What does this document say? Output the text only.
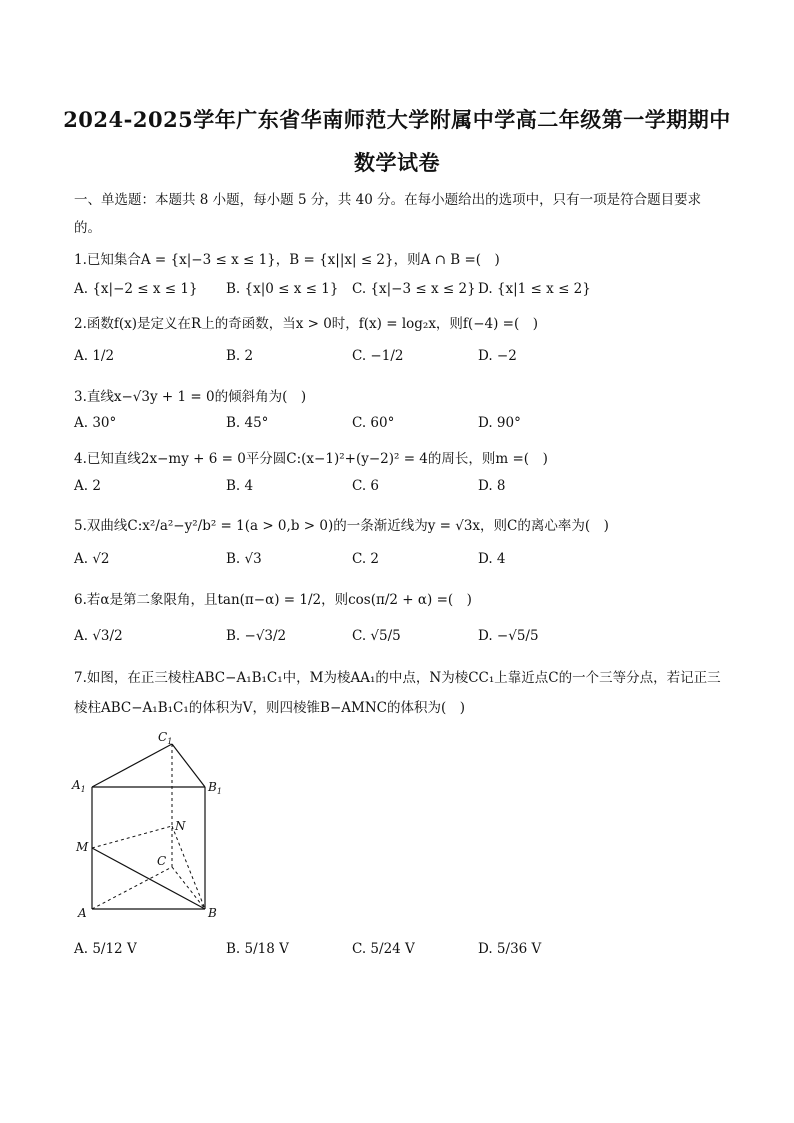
2024-2025学年广东省华南师范大学附属中学高二年级第一学期期中
数学试卷
一、单选题：本题共 8 小题，每小题 5 分，共 40 分。在每小题给出的选项中，只有一项是符合题目要求
的。
1.已知集合A = {x|−3 ≤ x ≤ 1}，B = {x||x| ≤ 2}，则A ∩ B =(　)
A. {x|−2 ≤ x ≤ 1} B. {x|0 ≤ x ≤ 1} C. {x|−3 ≤ x ≤ 2} D. {x|1 ≤ x ≤ 2}
2.函数f(x)是定义在R上的奇函数，当x > 0时，f(x) = log₂x，则f(−4) =(　)
A. 1/2	B. 2	C. −1/2	D. −2
3.直线x−√3y + 1 = 0的倾斜角为(　)
A. 30°	B. 45°	C. 60°	D. 90°
4.已知直线2x−my + 6 = 0平分圆C:(x−1)²+(y−2)² = 4的周长，则m =(　)
A. 2	B. 4	C. 6	D. 8
5.双曲线C:x²/a²−y²/b² = 1(a > 0,b > 0)的一条渐近线为y = √3x，则C的离心率为(　)
A. √2	B. √3	C. 2	D. 4
6.若α是第二象限角，且tan(π−α) = 1/2，则cos(π/2 + α) =(　)
A. √3/2	B. −√3/2	C. √5/5	D. −√5/5
7.如图，在正三棱柱ABC−A₁B₁C₁中，M为棱AA₁的中点，N为棱CC₁上靠近点C的一个三等分点，若记正三
棱柱ABC−A₁B₁C₁的体积为V，则四棱锥B−AMNC的体积为(　)
$C_1$
$A_1$	$B_1$
N
M
C
A	B
A. 5/12 V	B. 5/18 V	C. 5/24 V	D. 5/36 V
